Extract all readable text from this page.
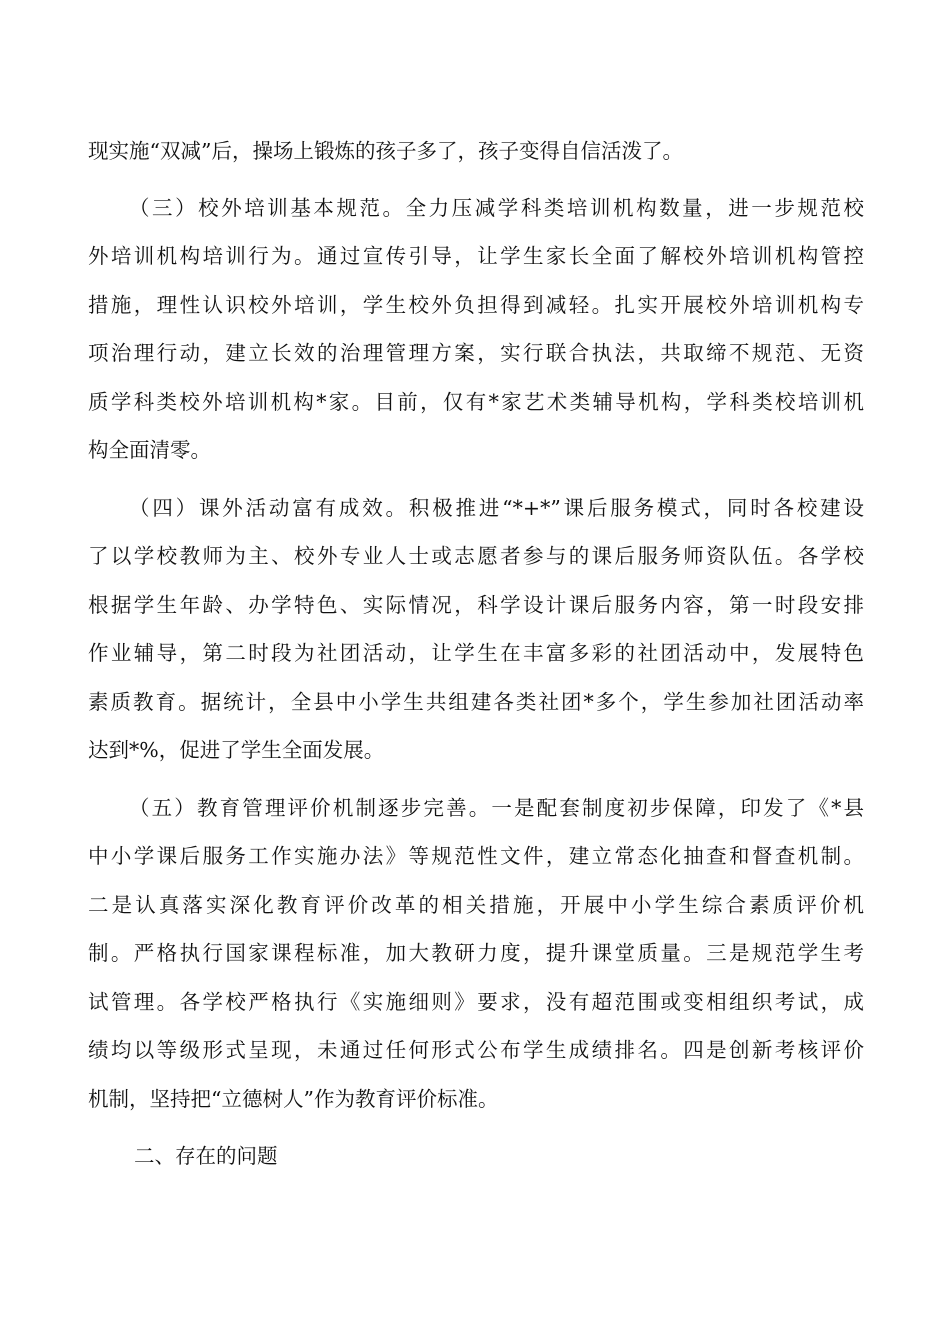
现实施“双减”后，操场上锻炼的孩子多了，孩子变得自信活泼了。
（三）校外培训基本规范。全力压减学科类培训机构数量，进一步规范校
外培训机构培训行为。通过宣传引导，让学生家长全面了解校外培训机构管控
措施，理性认识校外培训，学生校外负担得到减轻。扎实开展校外培训机构专
项治理行动，建立长效的治理管理方案，实行联合执法，共取缔不规范、无资
质学科类校外培训机构*家。目前，仅有*家艺术类辅导机构，学科类校培训机
构全面清零。
（四）课外活动富有成效。积极推进“*+*”课后服务模式，同时各校建设
了以学校教师为主、校外专业人士或志愿者参与的课后服务师资队伍。各学校
根据学生年龄、办学特色、实际情况，科学设计课后服务内容，第一时段安排
作业辅导，第二时段为社团活动，让学生在丰富多彩的社团活动中，发展特色
素质教育。据统计，全县中小学生共组建各类社团*多个，学生参加社团活动率
达到*%，促进了学生全面发展。
（五）教育管理评价机制逐步完善。一是配套制度初步保障，印发了《*县
中小学课后服务工作实施办法》等规范性文件，建立常态化抽查和督查机制。
二是认真落实深化教育评价改革的相关措施，开展中小学生综合素质评价机
制。严格执行国家课程标准，加大教研力度，提升课堂质量。三是规范学生考
试管理。各学校严格执行《实施细则》要求，没有超范围或变相组织考试，成
绩均以等级形式呈现，未通过任何形式公布学生成绩排名。四是创新考核评价
机制，坚持把“立德树人”作为教育评价标准。
二、存在的问题
